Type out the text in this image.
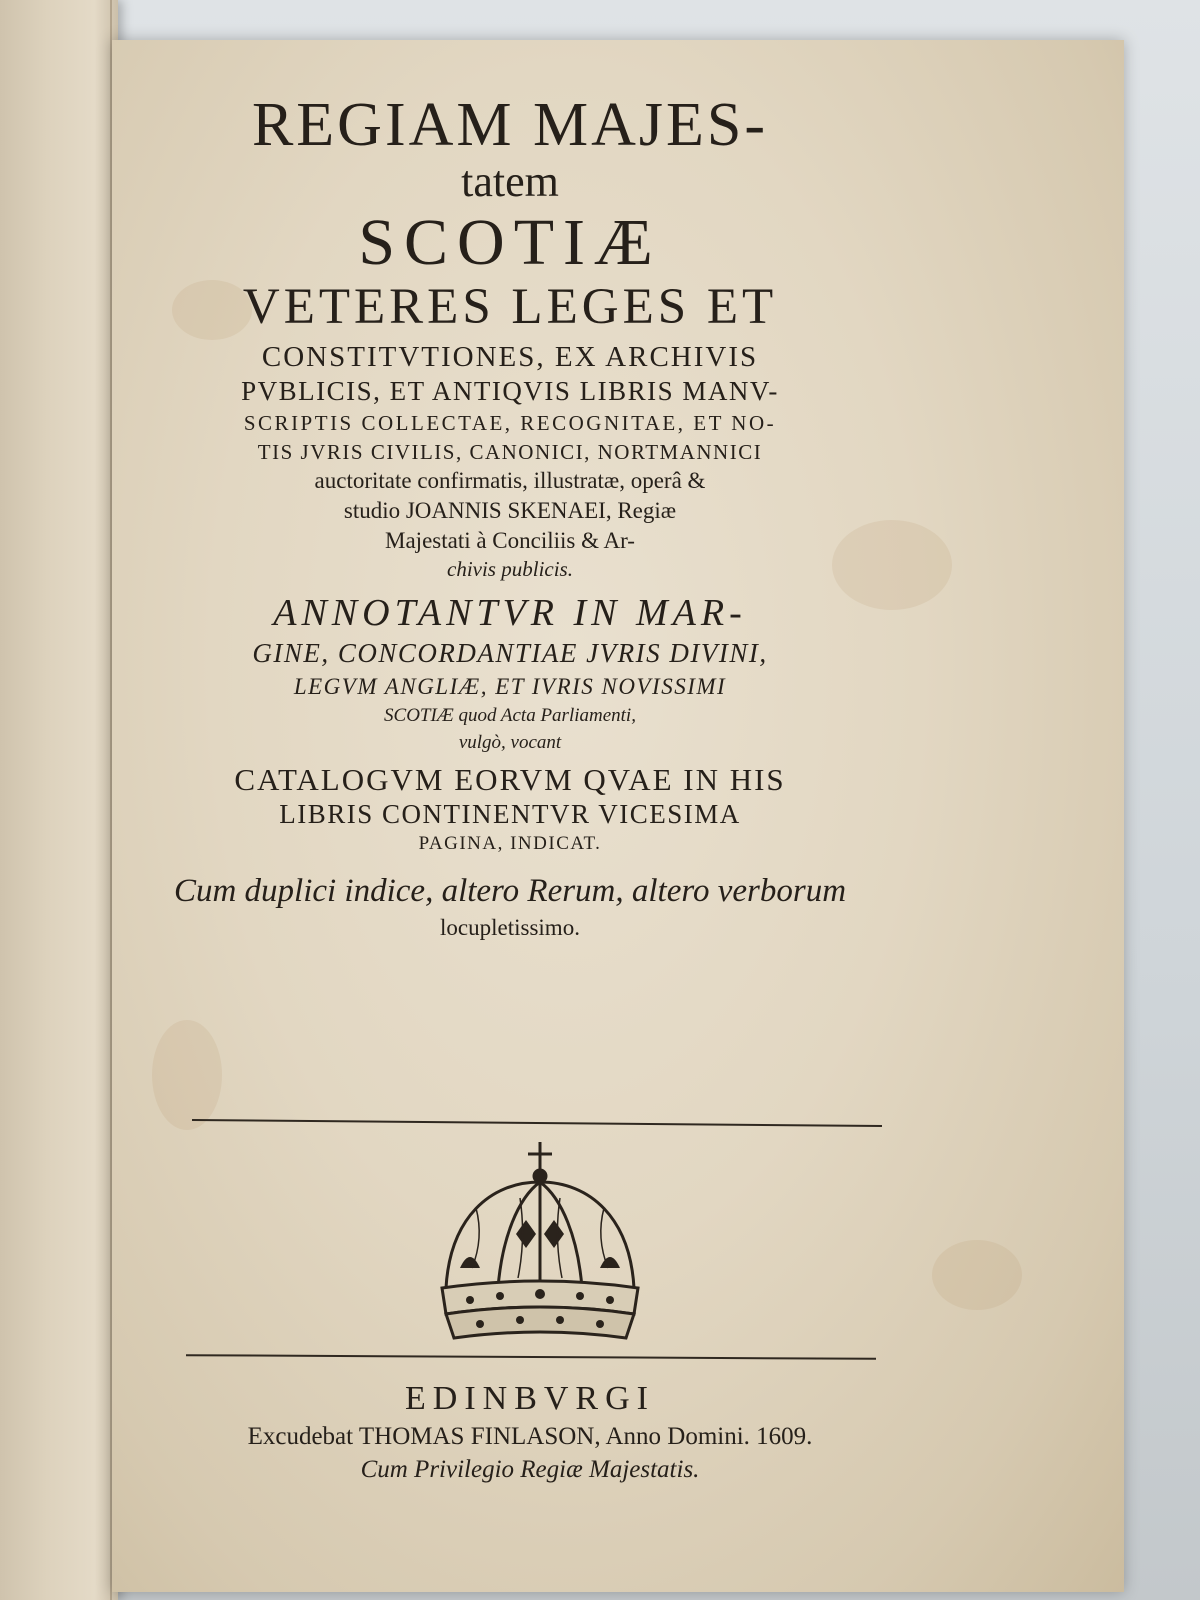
REGIAM MAJES-
tatem
SCOTIÆ
VETERES LEGES ET
CONSTITVTIONES, EX ARCHIVIS
PVBLICIS, ET ANTIQVIS LIBRIS MANV-
SCRIPTIS COLLECTAE, RECOGNITAE, ET NO-
TIS JVRIS CIVILIS, CANONICI, NORTMANNICI
auctoritate confirmatis, illustratæ, operâ &
studio JOANNIS SKENAEI, Regiæ
Majestati à Conciliis & Ar-
chivis publicis.
ANNOTANTVR IN MAR-
GINE, CONCORDANTIAE JVRIS DIVINI,
LEGVM ANGLIÆ, ET IVRIS NOVISSIMI
SCOTIÆ quod Acta Parliamenti,
vulgò, vocant
CATALOGVM EORVM QVAE IN HIS
LIBRIS CONTINENTVR VICESIMA
PAGINA, INDICAT.
Cum duplici indice, altero Rerum, altero verborum
locupletissimo.
EDINBVRGI
Excudebat THOMAS FINLASON, Anno Domini. 1609.
Cum Privilegio Regiæ Majestatis.
